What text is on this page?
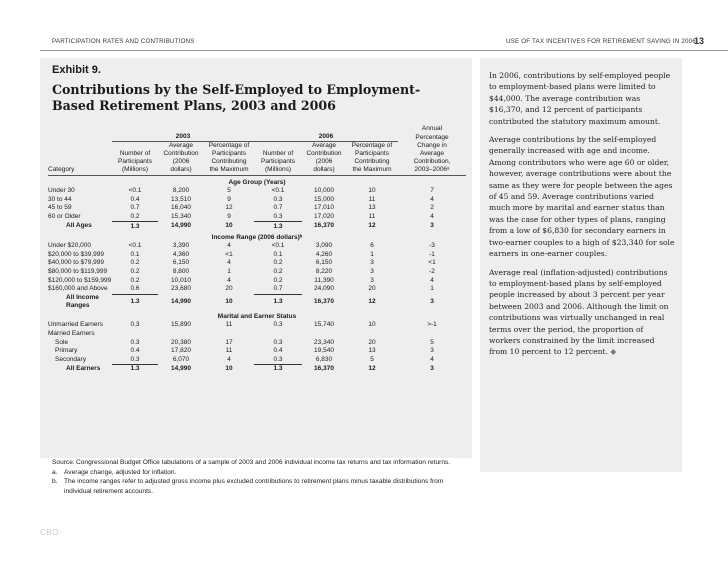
PARTICIPATION RATES AND CONTRIBUTIONS	USE OF TAX INCENTIVES FOR RETIREMENT SAVING IN 2006
13
Exhibit 9.
Contributions by the Self-Employed to Employment-Based Retirement Plans, 2003 and 2006
							Annual
	2003			2006			Percentage
		Average	Percentage of		Average	Percentage of	Change in
	Number of	Contribution	Participants	Number of	Contribution	Participants	Average
	Participants	(2006	Contributing	Participants	(2006	Contributing	Contribution,
Category	(Millions)	dollars)	the Maximum	(Millions)	dollars)	the Maximum	2003–2006ᵃ
Age Group (Years)							
Under 30	<0.1	8,200	5	<0.1	10,000	10	7
30 to 44	0.4	13,510	9	0.3	15,000	11	4
45 to 59	0.7	16,040	12	0.7	17,010	13	2
60 or Older	0.2	15,340	9	0.3	17,020	11	4
All Ages	1.3	14,990	10	1.3	16,370	12	3
Income Range (2006 dollars)ᵇ							
Under $20,000	<0.1	3,390	4	<0.1	3,090	6	-3
$20,000 to $39,999	0.1	4,360	<1	0.1	4,260	1	-1
$40,000 to $79,999	0.2	6,150	4	0.2	6,150	3	<1
$80,000 to $119,999	0.2	8,800	1	0.2	8,220	3	-2
$120,000 to $159,999	0.2	10,010	4	0.2	11,390	3	4
$160,000 and Above	0.6	23,680	20	0.7	24,090	20	1
All Income Ranges	1.3	14,990	10	1.3	16,370	12	3
Marital and Earner Status							
Unmarried Earners	0.3	15,890	11	0.3	15,740	10	>-1
Married Earners							
Sole	0.3	20,380	17	0.3	23,340	20	5
Primary	0.4	17,820	11	0.4	19,540	13	3
Secondary	0.3	6,070	4	0.3	6,830	5	4
All Earners	1.3	14,990	10	1.3	16,370	12	3
Source: Congressional Budget Office tabulations of a sample of 2003 and 2006 individual income tax returns and tax information returns.
a. Average change, adjusted for inflation.
b. The income ranges refer to adjusted gross income plus excluded contributions to retirement plans minus taxable distributions from individual retirement accounts.
CBO

In 2006, contributions by self-employed people to employment-based plans were limited to $44,000. The average contribution was $16,370, and 12 percent of participants contributed the statutory maximum amount.

Average contributions by the self-employed generally increased with age and income. Among contributors who were age 60 or older, however, average contributions were about the same as they were for people between the ages of 45 and 59. Average contributions varied much more by marital and earner status than was the case for other types of plans, ranging from a low of $6,830 for secondary earners in two-earner couples to a high of $23,340 for sole earners in one-earner couples.

Average real (inflation-adjusted) contributions to employment-based plans by self-employed people increased by about 3 percent per year between 2003 and 2006. Although the limit on contributions was virtually unchanged in real terms over the period, the proportion of workers constrained by the limit increased from 10 percent to 12 percent. ◆
